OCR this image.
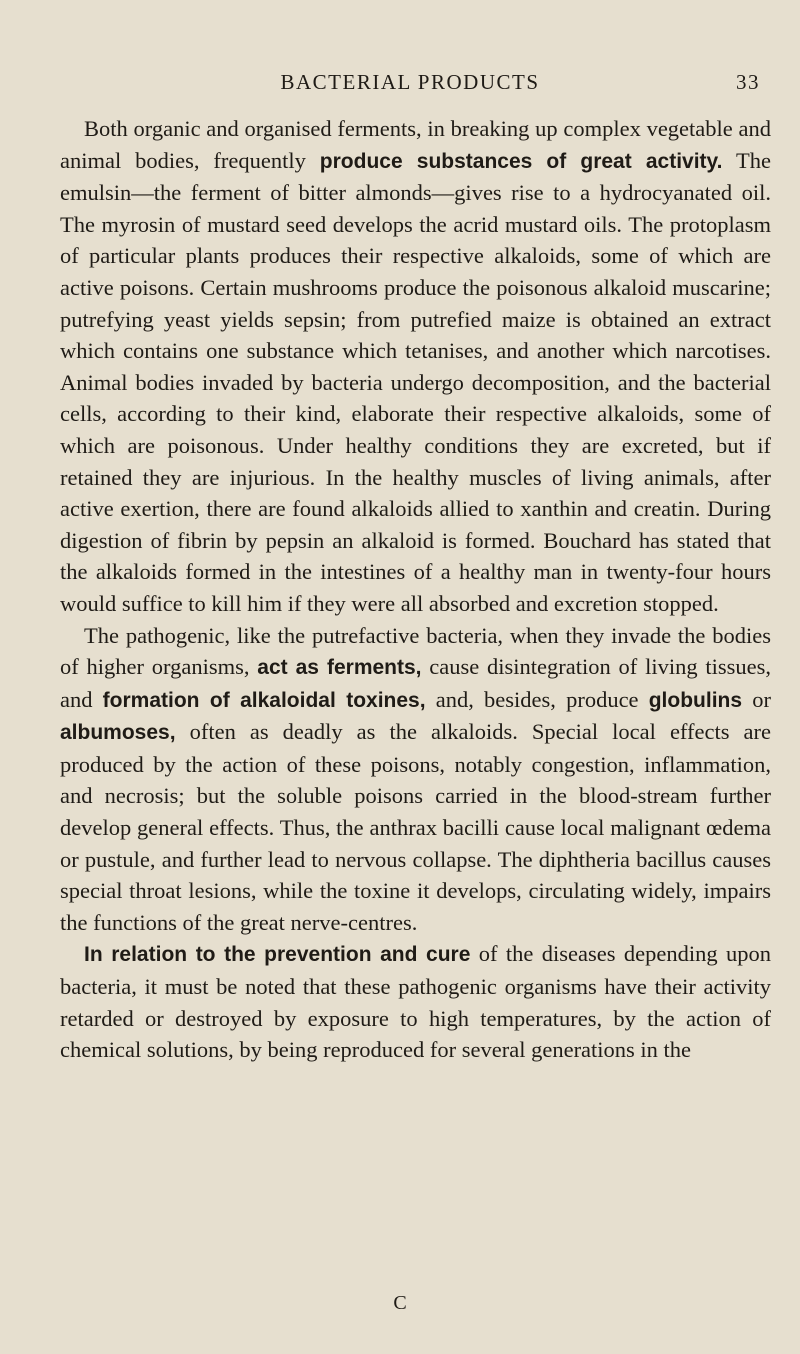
BACTERIAL PRODUCTS	33

Both organic and organised ferments, in breaking up complex vegetable and animal bodies, frequently produce substances of great activity. The emulsin—the ferment of bitter almonds—gives rise to a hydrocyanated oil. The myrosin of mustard seed develops the acrid mustard oils. The protoplasm of particular plants produces their respective alkaloids, some of which are active poisons. Certain mushrooms produce the poisonous alkaloid muscarine; putrefying yeast yields sepsin; from putrefied maize is obtained an extract which contains one substance which tetanises, and another which narcotises. Animal bodies invaded by bacteria undergo decomposition, and the bacterial cells, according to their kind, elaborate their respective alkaloids, some of which are poisonous. Under healthy conditions they are excreted, but if retained they are injurious. In the healthy muscles of living animals, after active exertion, there are found alkaloids allied to xanthin and creatin. During digestion of fibrin by pepsin an alkaloid is formed. Bouchard has stated that the alkaloids formed in the intestines of a healthy man in twenty-four hours would suffice to kill him if they were all absorbed and excretion stopped.

The pathogenic, like the putrefactive bacteria, when they invade the bodies of higher organisms, act as ferments, cause disintegration of living tissues, and formation of alkaloidal toxines, and, besides, produce globulins or albumoses, often as deadly as the alkaloids. Special local effects are produced by the action of these poisons, notably congestion, inflammation, and necrosis; but the soluble poisons carried in the blood-stream further develop general effects. Thus, the anthrax bacilli cause local malignant œdema or pustule, and further lead to nervous collapse. The diphtheria bacillus causes special throat lesions, while the toxine it develops, circulating widely, impairs the functions of the great nerve-centres.

In relation to the prevention and cure of the diseases depending upon bacteria, it must be noted that these pathogenic organisms have their activity retarded or destroyed by exposure to high temperatures, by the action of chemical solutions, by being reproduced for several generations in the

C
